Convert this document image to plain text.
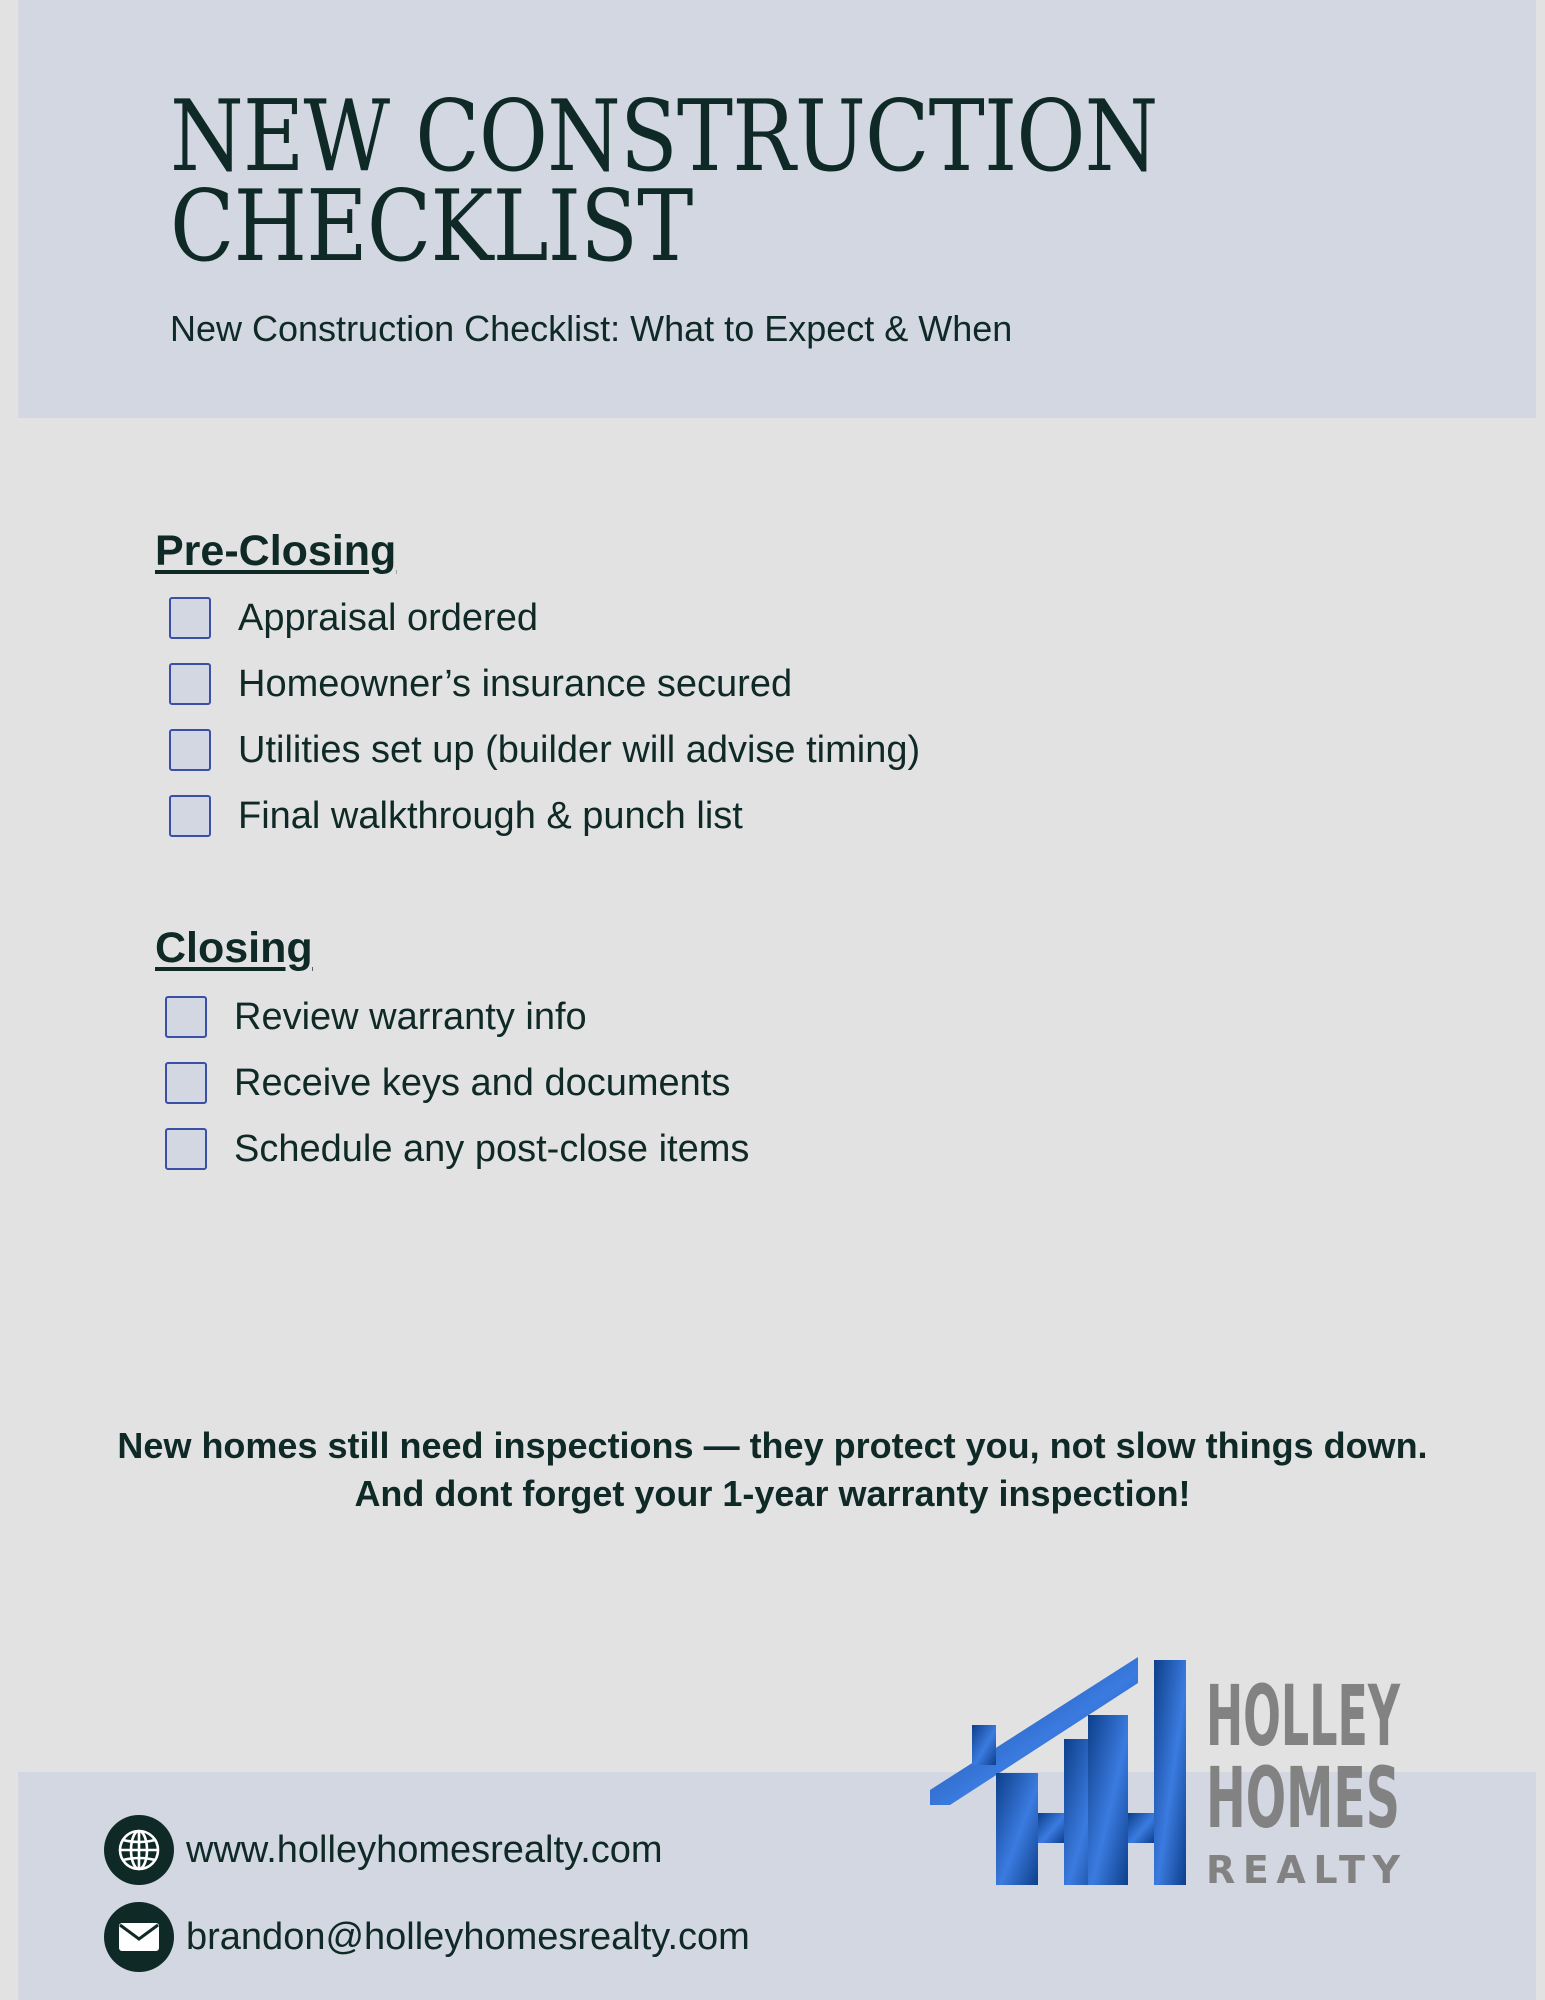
NEW CONSTRUCTION
CHECKLIST

New Construction Checklist: What to Expect & When

Pre-Closing
Appraisal ordered
Homeowner’s insurance secured
Utilities set up (builder will advise timing)
Final walkthrough & punch list
Closing
Review warranty info
Receive keys and documents
Schedule any post-close items
New homes still need inspections — they protect you, not slow things down.
And dont forget your 1-year warranty inspection!
www.holleyhomesrealty.com
brandon@holleyhomesrealty.com
HOLLEY
HOMES
REALTY
